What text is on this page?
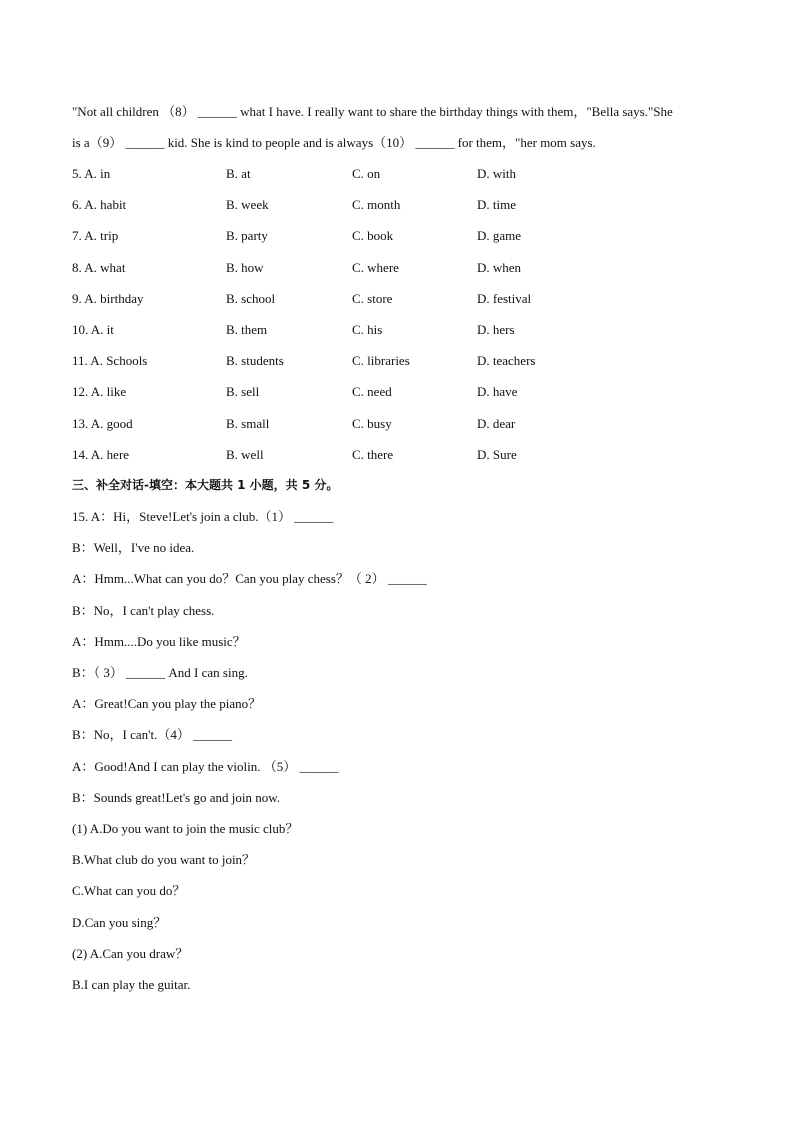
"Not all children （8） ______ what I have. I really want to share the birthday things with them，"Bella says."She
is a（9） ______ kid. She is kind to people and is always（10） ______ for them，"her mom says.
5. A. in	B. at	C. on	D. with
6. A. habit	B. week	C. month	D. time
7. A. trip	B. party	C. book	D. game
8. A. what	B. how	C. where	D. when
9. A. birthday	B. school	C. store	D. festival
10. A. it	B. them	C. his	D. hers
11. A. Schools	B. students	C. libraries	D. teachers
12. A. like	B. sell	C. need	D. have
13. A. good	B. small	C. busy	D. dear
14. A. here	B. well	C. there	D. Sure
三、补全对话-填空：本大题共 1 小题，共 5 分。
15. A：Hi，Steve!Let's join a club.（1） ______
B：Well，I've no idea.
A：Hmm...What can you do？Can you play chess？（ 2） ______
B：No，I can't play chess.
A：Hmm....Do you like music？
B：（ 3） ______ And I can sing.
A：Great!Can you play the piano？
B：No，I can't.（4） ______
A：Good!And I can play the violin. （5） ______
B：Sounds great!Let's go and join now.
(1) A.Do you want to join the music club？
B.What club do you want to join？
C.What can you do？
D.Can you sing？
(2) A.Can you draw？
B.I can play the guitar.
